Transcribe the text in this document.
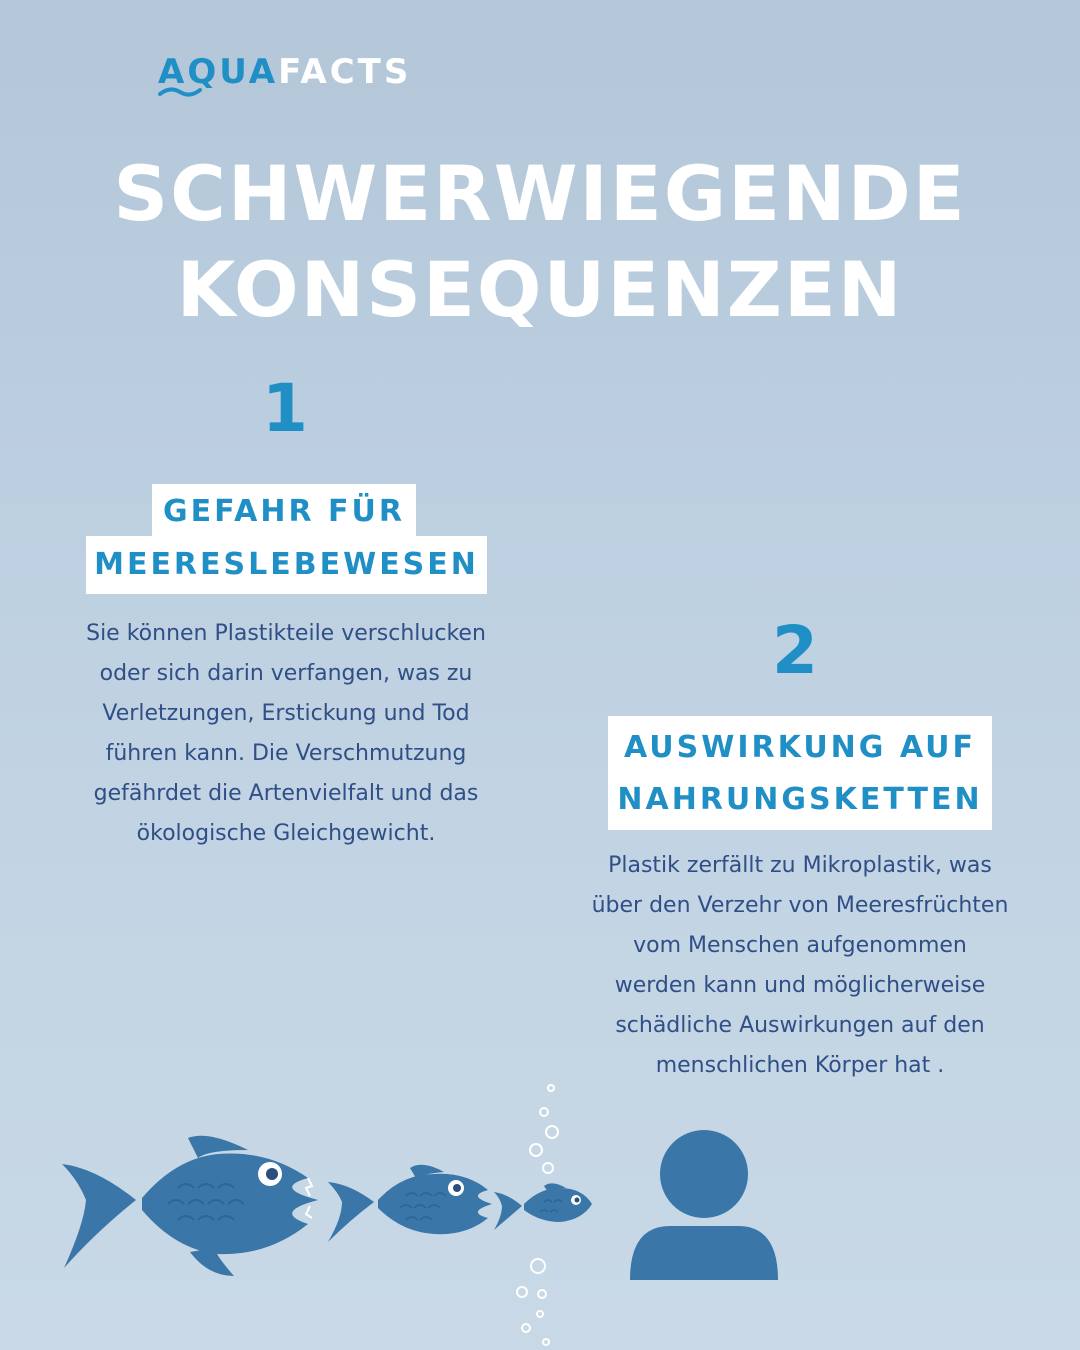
AQUAFACTS
SCHWERWIEGENDE
KONSEQUENZEN
1
GEFAHR FÜR
MEERESLEBEWESEN
Sie können Plastikteile verschlucken
oder sich darin verfangen, was zu
Verletzungen, Erstickung und Tod
führen kann. Die Verschmutzung
gefährdet die Artenvielfalt und das
ökologische Gleichgewicht.
2
AUSWIRKUNG AUF
NAHRUNGSKETTEN
Plastik zerfällt zu Mikroplastik, was
über den Verzehr von Meeresfrüchten
vom Menschen aufgenommen
werden kann und möglicherweise
schädliche Auswirkungen auf den
menschlichen Körper hat .
